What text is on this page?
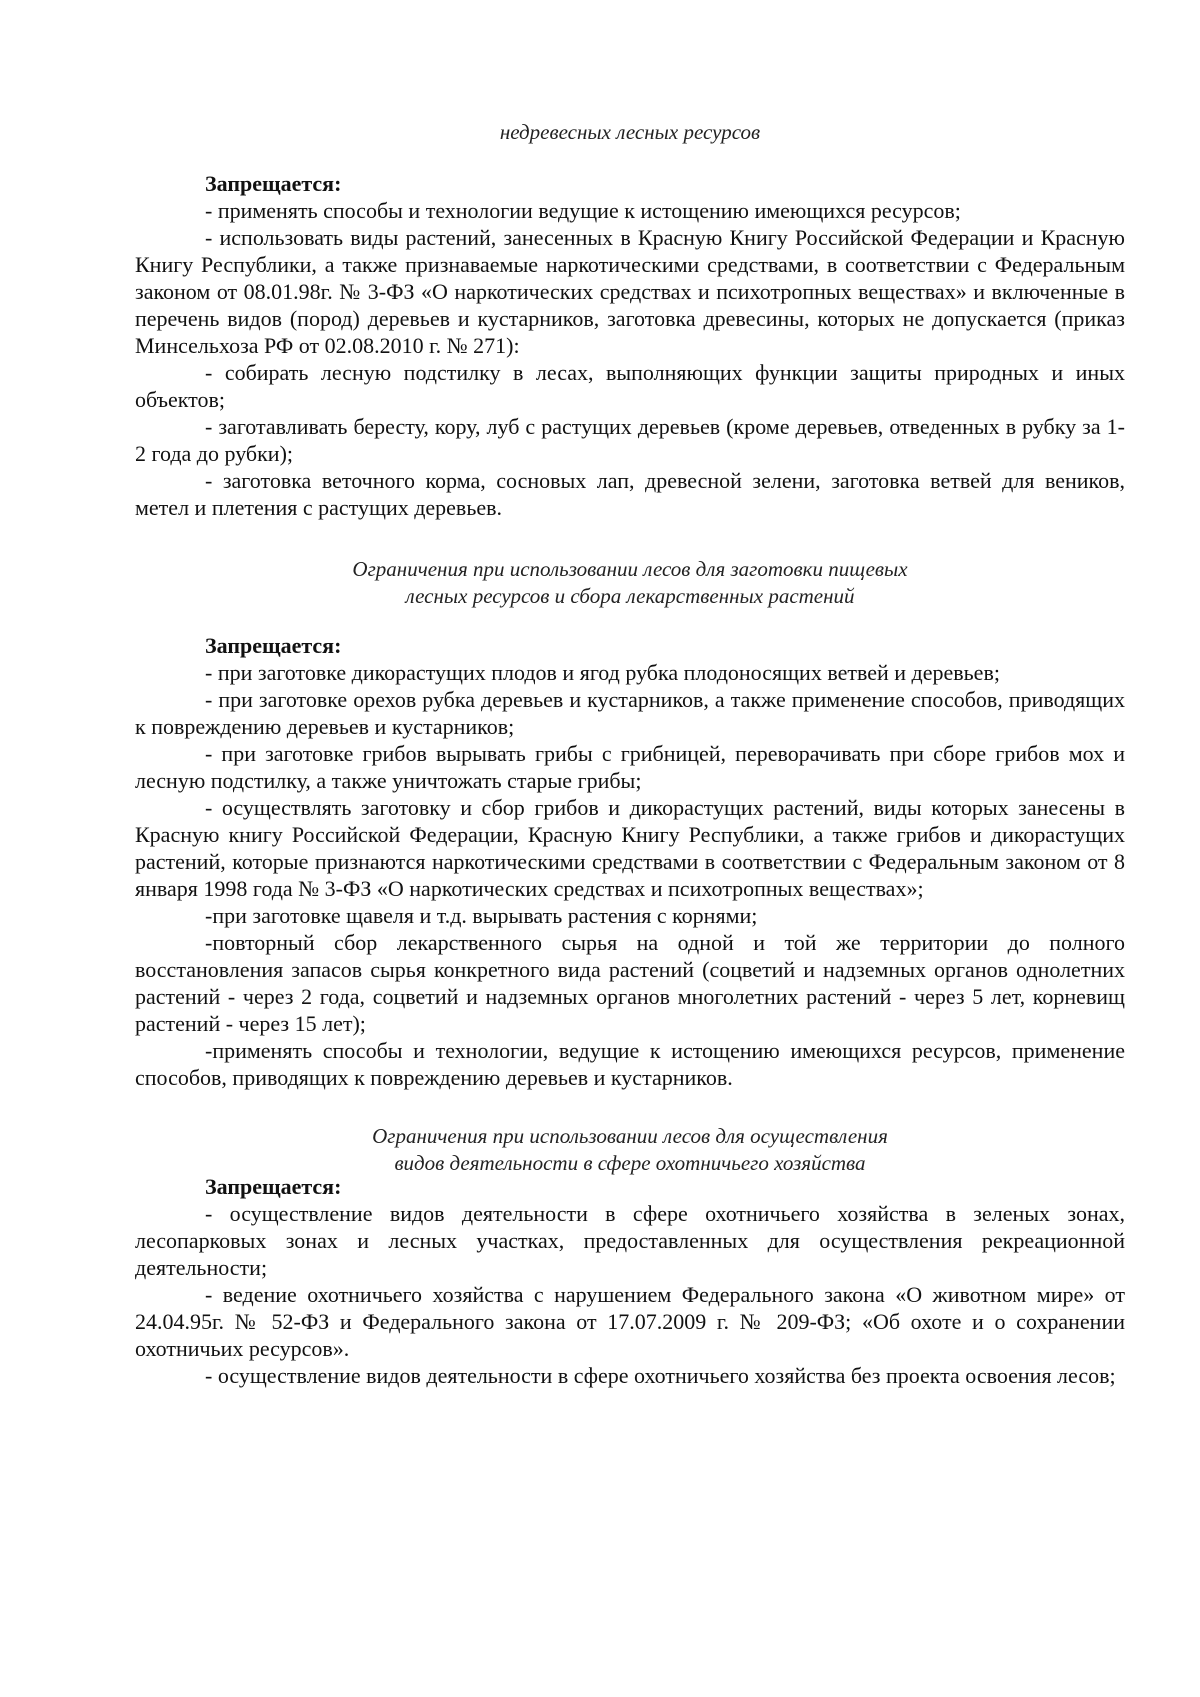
недревесных лесных ресурсов

Запрещается:

- применять способы и технологии ведущие к истощению имеющихся ресурсов;

- использовать виды растений, занесенных в Красную Книгу Российской Федерации и Красную Книгу Республики, а также признаваемые наркотическими средствами, в соответствии с Федеральным законом от 08.01.98г. № 3-ФЗ «О наркотических средствах и психотропных веществах» и включенные в перечень видов (пород) деревьев и кустарников, заготовка древесины, которых не допускается (приказ Минсельхоза РФ от 02.08.2010 г. № 271):

- собирать лесную подстилку в лесах, выполняющих функции защиты природных и иных объектов;

- заготавливать бересту, кору, луб с растущих деревьев (кроме деревьев, отведенных в рубку за 1-2 года до рубки);

- заготовка веточного корма, сосновых лап, древесной зелени, заготовка ветвей для веников, метел и плетения с растущих деревьев.

Ограничения при использовании лесов для заготовки пищевых

лесных ресурсов и сбора лекарственных растений

Запрещается:

- при заготовке дикорастущих плодов и ягод рубка плодоносящих ветвей и деревьев;

- при заготовке орехов рубка деревьев и кустарников, а также применение способов, приводящих к повреждению деревьев и кустарников;

- при заготовке грибов вырывать грибы с грибницей, переворачивать при сборе грибов мох и лесную подстилку, а также уничтожать старые грибы;

- осуществлять заготовку и сбор грибов и дикорастущих растений, виды которых занесены в Красную книгу Российской Федерации, Красную Книгу Республики, а также грибов и дикорастущих растений, которые признаются наркотическими средствами в соответствии с Федеральным законом от 8 января 1998 года № 3-ФЗ «О наркотических средствах и психотропных веществах»;

-при заготовке щавеля и т.д. вырывать растения с корнями;

-повторный сбор лекарственного сырья на одной и той же территории до полного восстановления запасов сырья конкретного вида растений (соцветий и надземных органов однолетних растений - через 2 года, соцветий и надземных органов многолетних растений - через 5 лет, корневищ растений - через 15 лет);

-применять способы и технологии, ведущие к истощению имеющихся ресурсов, применение способов, приводящих к повреждению деревьев и кустарников.

Ограничения при использовании лесов для осуществления

видов деятельности в сфере охотничьего хозяйства

Запрещается:

- осуществление видов деятельности в сфере охотничьего хозяйства в зеленых зонах, лесопарковых зонах и лесных участках, предоставленных для осуществления рекреационной деятельности;

- ведение охотничьего хозяйства с нарушением Федерального закона «О животном мире» от 24.04.95г. № 52-ФЗ и Федерального закона от 17.07.2009 г. № 209-ФЗ; «Об охоте и о сохранении охотничьих ресурсов».

- осуществление видов деятельности в сфере охотничьего хозяйства без проекта освоения лесов;
